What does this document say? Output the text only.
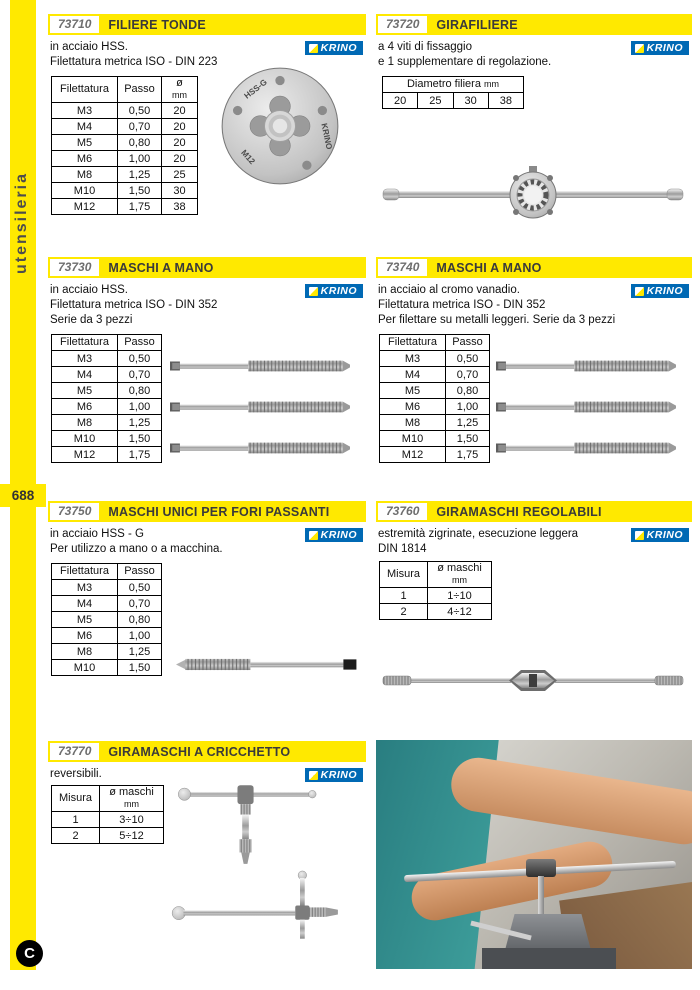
utensileria
688
C
73710	FILIERE TONDE
in acciaio HSS.
Filettatura metrica ISO - DIN 223
KRINO
Filettatura	Passo	ø
mm
M3	0,50	20
M4	0,70	20
M5	0,80	20
M6	1,00	20
M8	1,25	25
M10	1,50	30
M12	1,75	38
HSS-G
KRINO
M12
73720	GIRAFILIERE
a 4 viti di fissaggio
e 1 supplementare di regolazione.
KRINO
Diametro filiera mm
20	25	30	38
73730	MASCHI A MANO
in acciaio HSS.
Filettatura metrica ISO - DIN 352
Serie da 3 pezzi
KRINO
Filettatura	Passo
M3	0,50
M4	0,70
M5	0,80
M6	1,00
M8	1,25
M10	1,50
M12	1,75
73740	MASCHI A MANO
in acciaio al cromo vanadio.
Filettatura metrica ISO - DIN 352
Per filettare su metalli leggeri. Serie da 3 pezzi
KRINO
Filettatura	Passo
M3	0,50
M4	0,70
M5	0,80
M6	1,00
M8	1,25
M10	1,50
M12	1,75
73750	MASCHI UNICI PER FORI PASSANTI
in acciaio HSS - G
Per utilizzo a mano o a macchina.
KRINO
Filettatura	Passo
M3	0,50
M4	0,70
M5	0,80
M6	1,00
M8	1,25
M10	1,50
73760	GIRAMASCHI REGOLABILI
estremità zigrinate, esecuzione leggera
DIN 1814
KRINO
Misura	ø maschi
mm
1	1÷10
2	4÷12
73770	GIRAMASCHI A CRICCHETTO
reversibili.	KRINO
Misura	ø maschi
mm
1	3÷10
2	5÷12
